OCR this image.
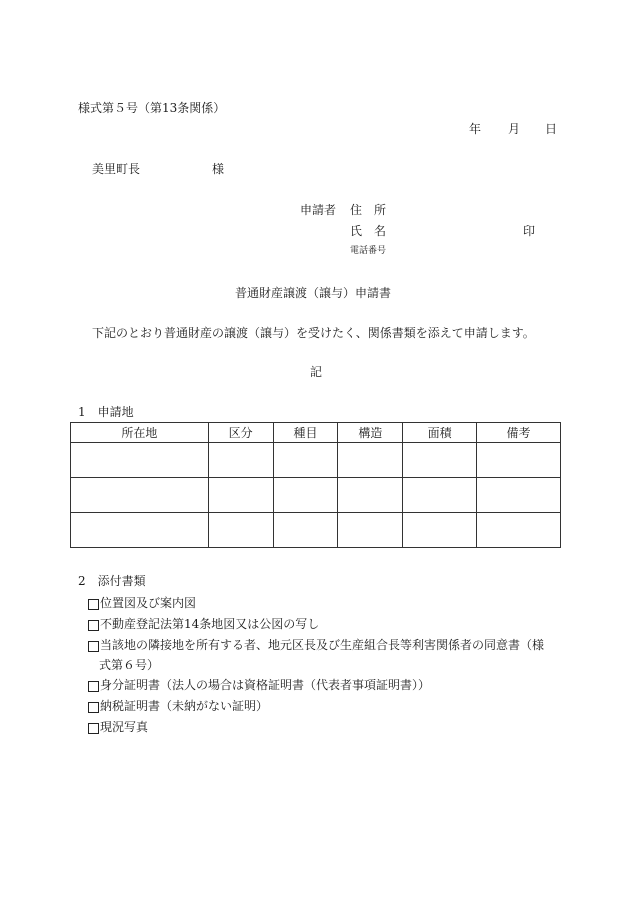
様式第５号（第13条関係）
年 月 日
美里町長	様
申請者 住　所
氏　名	印
電話番号
普通財産譲渡（譲与）申請書
下記のとおり普通財産の譲渡（譲与）を受けたく、関係書類を添えて申請します。
記
1　申請地
所在地	区分	種目	構造	面積	備考

2　添付書類
位置図及び案内図
不動産登記法第14条地図又は公図の写し
当該地の隣接地を所有する者、地元区長及び生産組合長等利害関係者の同意書（様
式第６号）
身分証明書（法人の場合は資格証明書（代表者事項証明書））
納税証明書（未納がない証明）
現況写真
